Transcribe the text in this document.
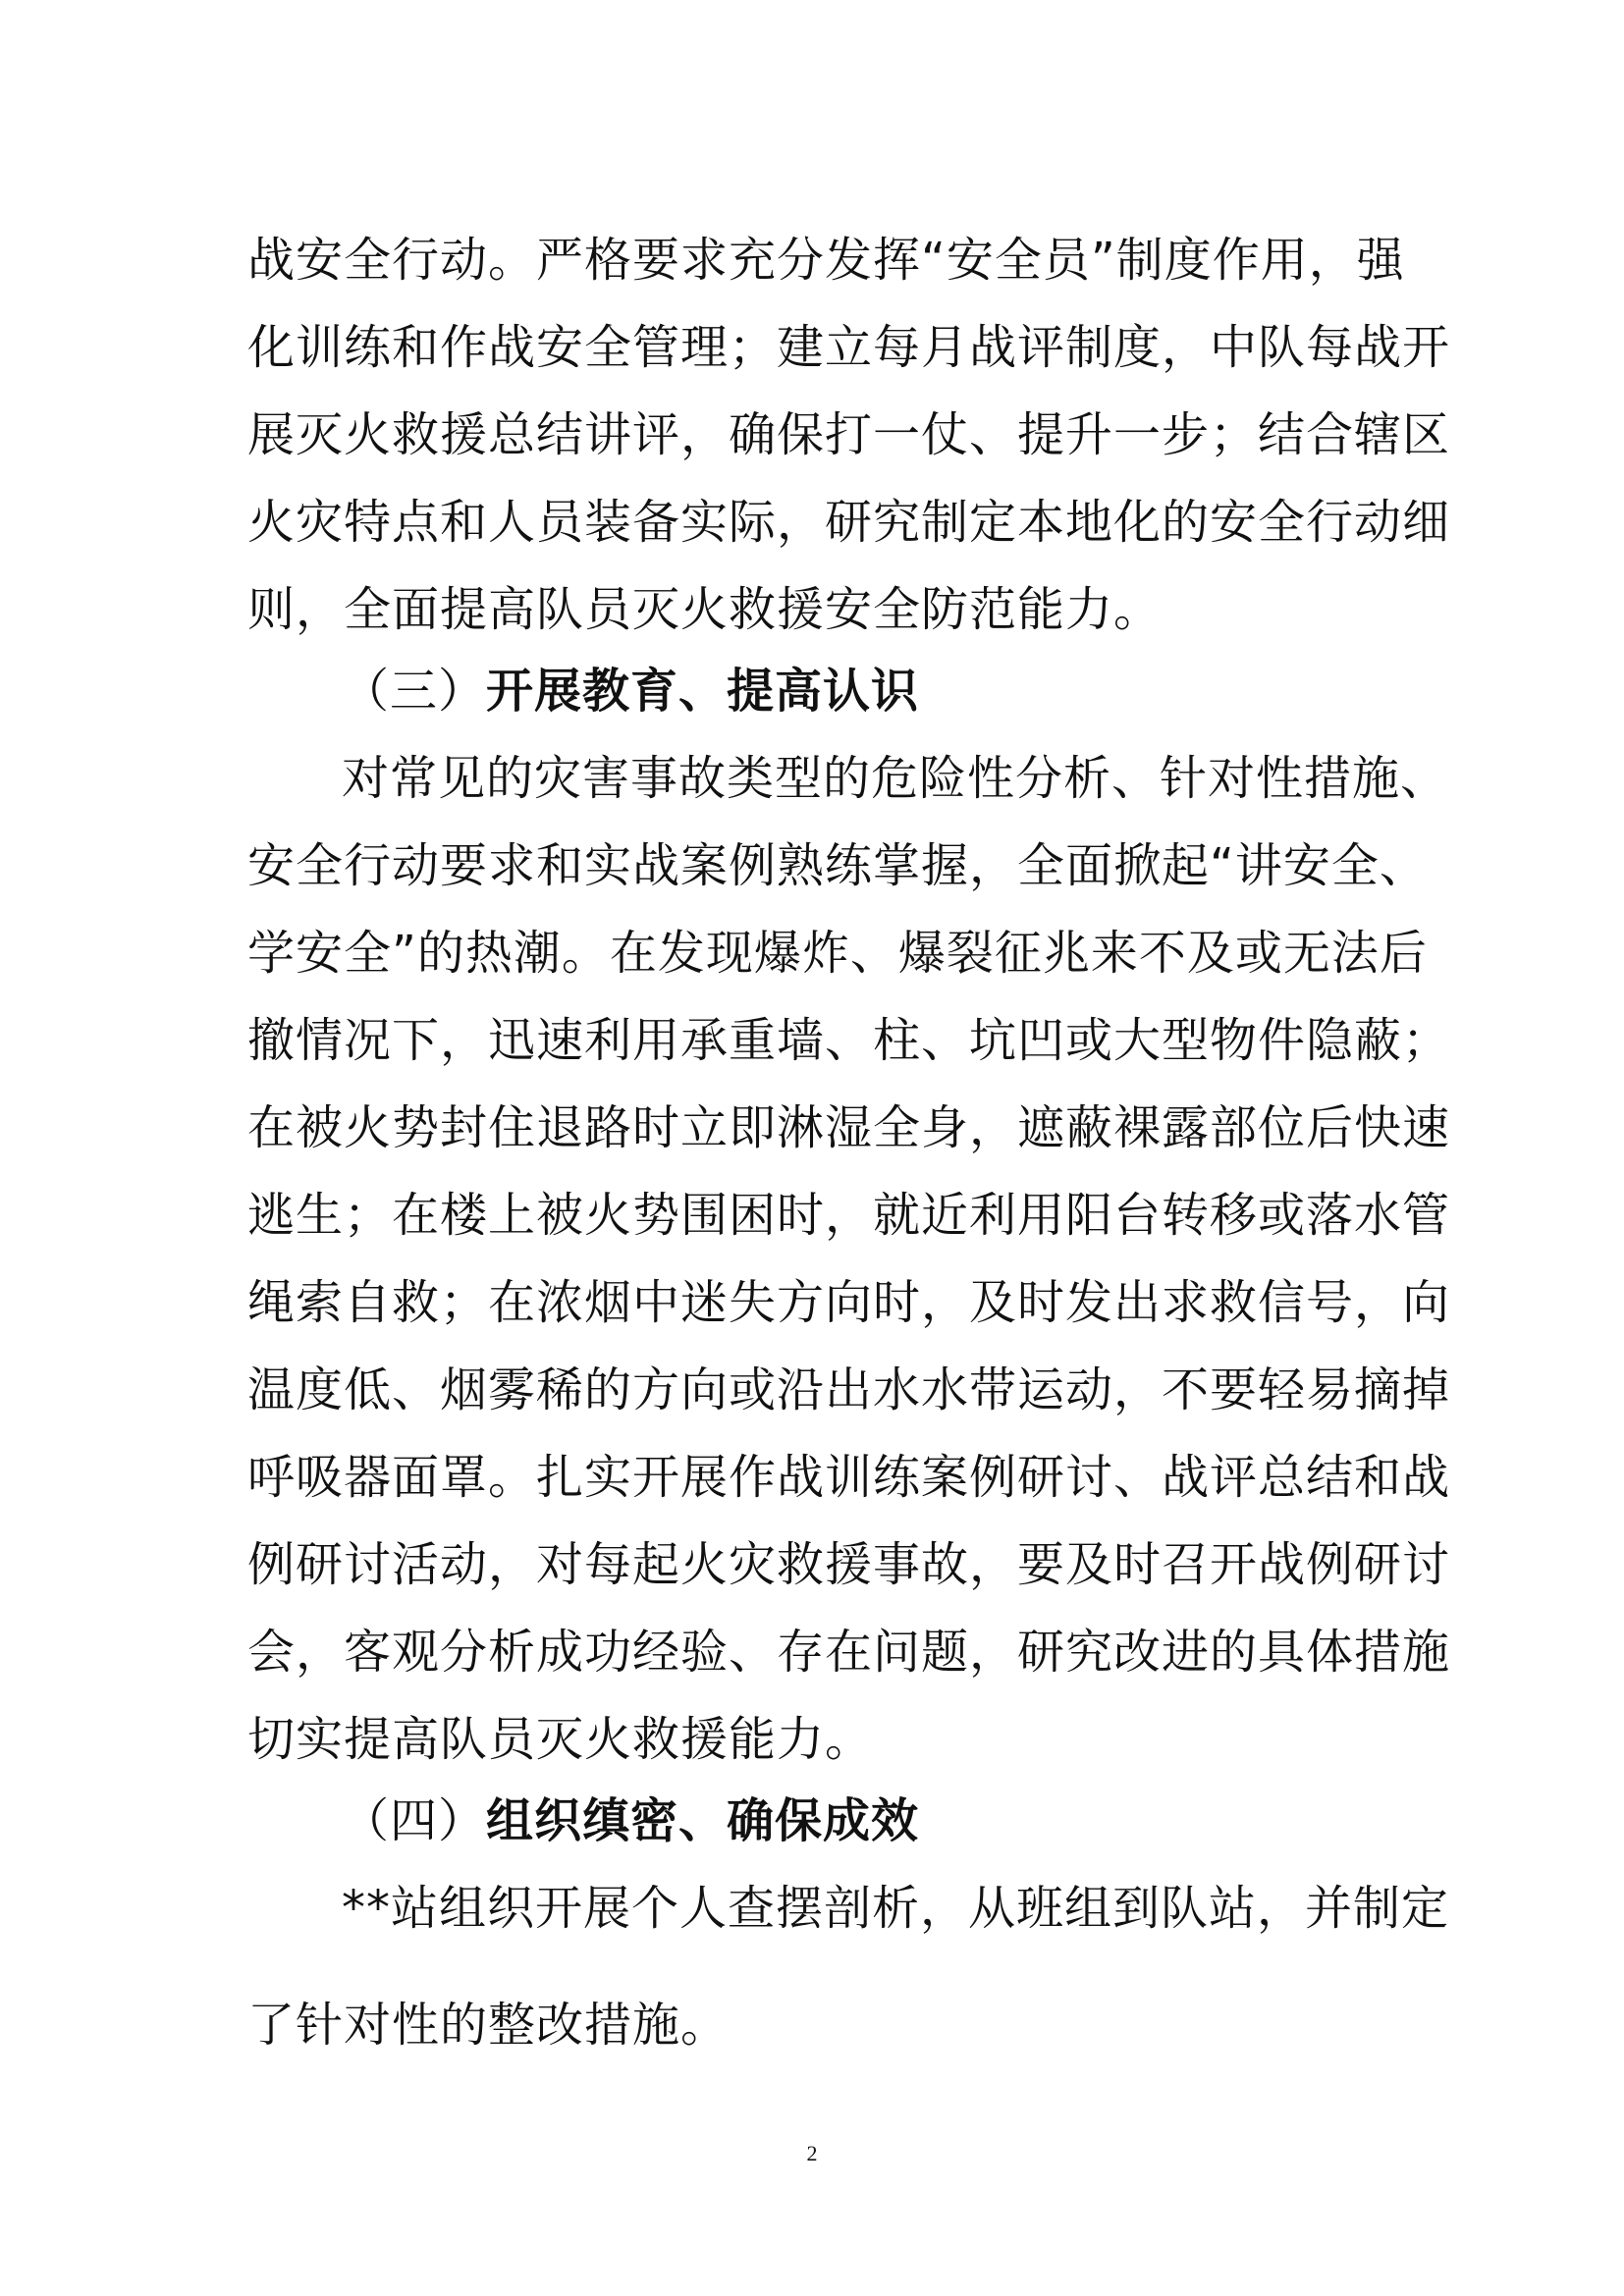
战安全行动。严格要求充分发挥“安全员”制度作用，强
化训练和作战安全管理；建立每月战评制度，中队每战开
展灭火救援总结讲评，确保打一仗、提升一步；结合辖区
火灾特点和人员装备实际，研究制定本地化的安全行动细
则，全面提高队员灭火救援安全防范能力。
（三）开展教育、提高认识
对常见的灾害事故类型的危险性分析、针对性措施、
安全行动要求和实战案例熟练掌握，全面掀起“讲安全、
学安全”的热潮。在发现爆炸、爆裂征兆来不及或无法后
撤情况下，迅速利用承重墙、柱、坑凹或大型物件隐蔽；
在被火势封住退路时立即淋湿全身，遮蔽裸露部位后快速
逃生；在楼上被火势围困时，就近利用阳台转移或落水管
绳索自救；在浓烟中迷失方向时，及时发出求救信号，向
温度低、烟雾稀的方向或沿出水水带运动，不要轻易摘掉
呼吸器面罩。扎实开展作战训练案例研讨、战评总结和战
例研讨活动，对每起火灾救援事故，要及时召开战例研讨
会，客观分析成功经验、存在问题，研究改进的具体措施
切实提高队员灭火救援能力。
（四）组织缜密、确保成效
**站组织开展个人查摆剖析，从班组到队站，并制定
了针对性的整改措施。
2
